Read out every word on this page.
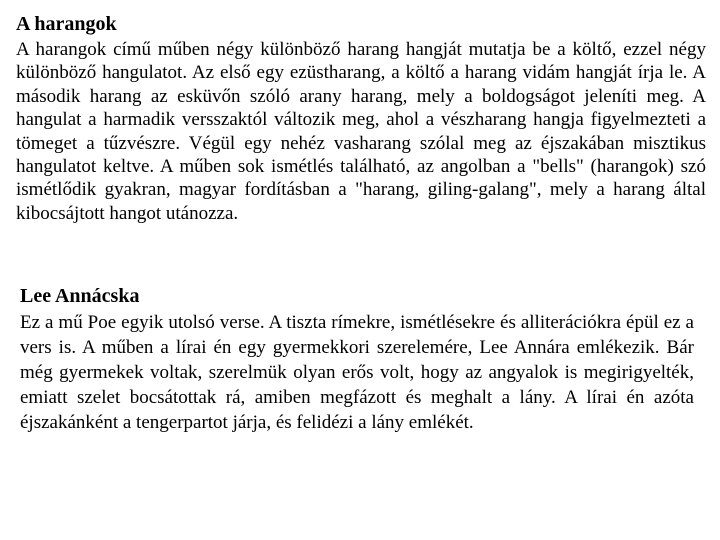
A harangok

A harangok című műben négy különböző harang hangját mutatja be a költő, ezzel négy különböző hangulatot. Az első egy ezüstharang, a költő a harang vidám hangját írja le. A második harang az esküvőn szóló arany harang, mely a boldogságot jeleníti meg. A hangulat a harmadik versszaktól változik meg, ahol a vészharang hangja figyelmezteti a tömeget a tűzvészre. Végül egy nehéz vasharang szólal meg az éjszakában misztikus hangulatot keltve. A műben sok ismétlés található, az angolban a "bells" (harangok) szó ismétlődik gyakran, magyar fordításban a "harang, giling-galang", mely a harang által kibocsájtott hangot utánozza.

Lee Annácska

Ez a mű Poe egyik utolsó verse. A tiszta rímekre, ismétlésekre és alliterációkra épül ez a vers is. A műben a lírai én egy gyermekkori szerelemére, Lee Annára emlékezik. Bár még gyermekek voltak, szerelmük olyan erős volt, hogy az angyalok is megirigyelték, emiatt szelet bocsátottak rá, amiben megfázott és meghalt a lány. A lírai én azóta éjszakánként a tengerpartot járja, és felidézi a lány emlékét.
